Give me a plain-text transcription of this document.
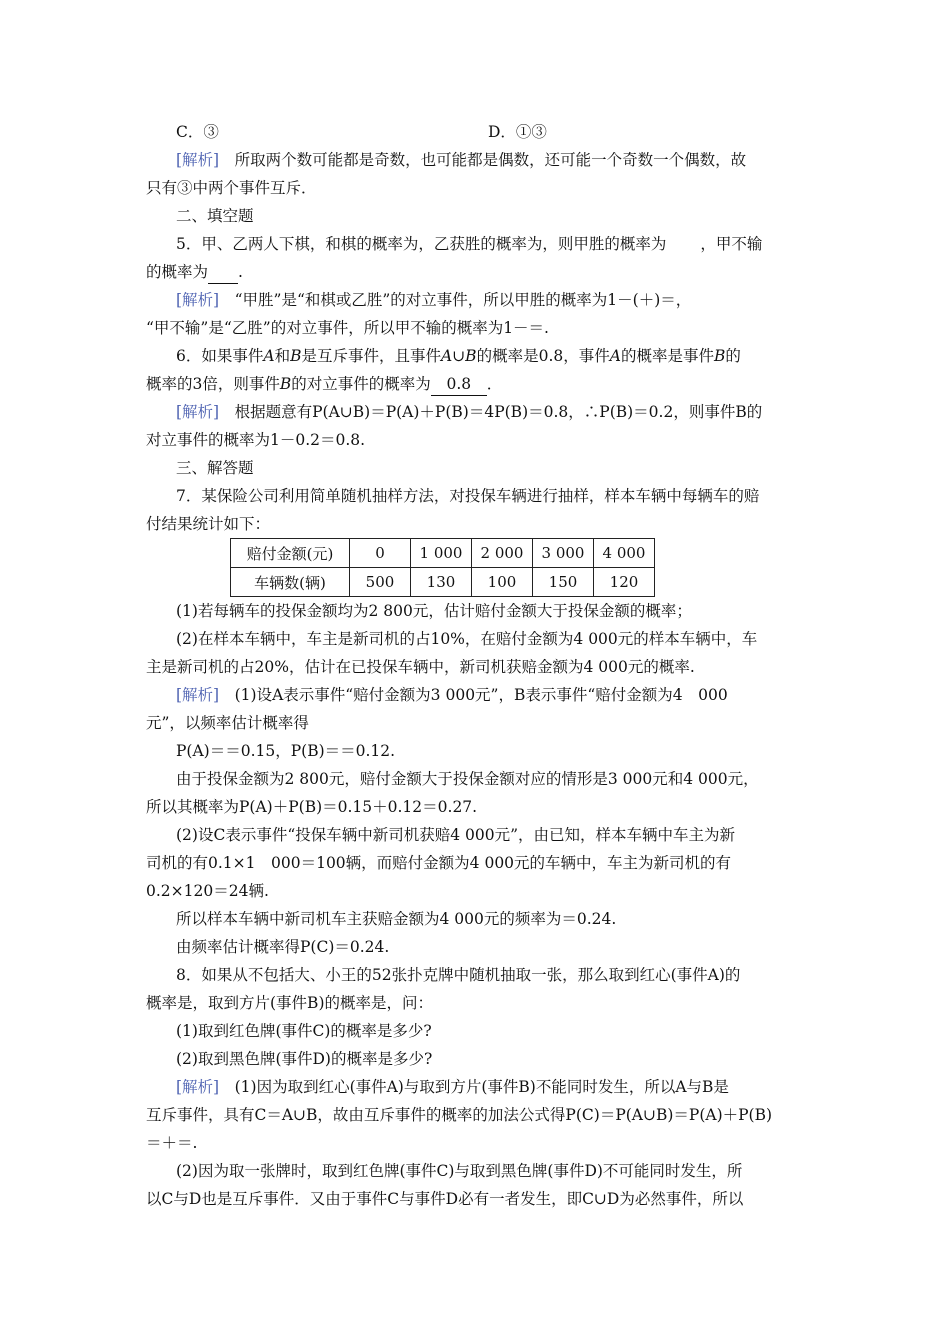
C．③	D．①③
[解析]　所取两个数可能都是奇数，也可能都是偶数，还可能一个奇数一个偶数，故
只有③中两个事件互斥．
二、填空题
5．甲、乙两人下棋，和棋的概率为，乙获胜的概率为，则甲胜的概率为 ，甲不输
的概率为 .
[解析]　“甲胜”是“和棋或乙胜”的对立事件，所以甲胜的概率为1－(＋)＝，
“甲不输”是“乙胜”的对立事件，所以甲不输的概率为1－＝.
6．如果事件A和B是互斥事件，且事件A∪B的概率是0.8，事件A的概率是事件B的
概率的3倍，则事件B的对立事件的概率为 0.8 ．
[解析]　根据题意有P(A∪B)＝P(A)＋P(B)＝4P(B)＝0.8，∴P(B)＝0.2，则事件B的
对立事件的概率为1－0.2＝0.8.
三、解答题
7．某保险公司利用简单随机抽样方法，对投保车辆进行抽样，样本车辆中每辆车的赔
付结果统计如下：
赔付金额(元)	0	1 000	2 000	3 000	4 000
车辆数(辆)	500	130	100	150	120
(1)若每辆车的投保金额均为2 800元，估计赔付金额大于投保金额的概率；
(2)在样本车辆中，车主是新司机的占10%，在赔付金额为4 000元的样本车辆中，车
主是新司机的占20%，估计在已投保车辆中，新司机获赔金额为4 000元的概率.
[解析]　(1)设A表示事件“赔付金额为3 000元”，B表示事件“赔付金额为4　000
元”，以频率估计概率得
P(A)＝＝0.15，P(B)＝＝0.12.
由于投保金额为2 800元，赔付金额大于投保金额对应的情形是3 000元和4 000元，
所以其概率为P(A)＋P(B)＝0.15＋0.12＝0.27.
(2)设C表示事件“投保车辆中新司机获赔4 000元”，由已知，样本车辆中车主为新
司机的有0.1×1　000＝100辆，而赔付金额为4 000元的车辆中，车主为新司机的有
0.2×120＝24辆.
所以样本车辆中新司机车主获赔金额为4 000元的频率为＝0.24.
由频率估计概率得P(C)＝0.24.
8．如果从不包括大、小王的52张扑克牌中随机抽取一张，那么取到红心(事件A)的
概率是，取到方片(事件B)的概率是，问：
(1)取到红色牌(事件C)的概率是多少?
(2)取到黑色牌(事件D)的概率是多少?
[解析]　(1)因为取到红心(事件A)与取到方片(事件B)不能同时发生，所以A与B是
互斥事件，具有C＝A∪B，故由互斥事件的概率的加法公式得P(C)＝P(A∪B)＝P(A)＋P(B)
＝＋＝.
(2)因为取一张牌时，取到红色牌(事件C)与取到黑色牌(事件D)不可能同时发生，所
以C与D也是互斥事件．又由于事件C与事件D必有一者发生，即C∪D为必然事件，所以
